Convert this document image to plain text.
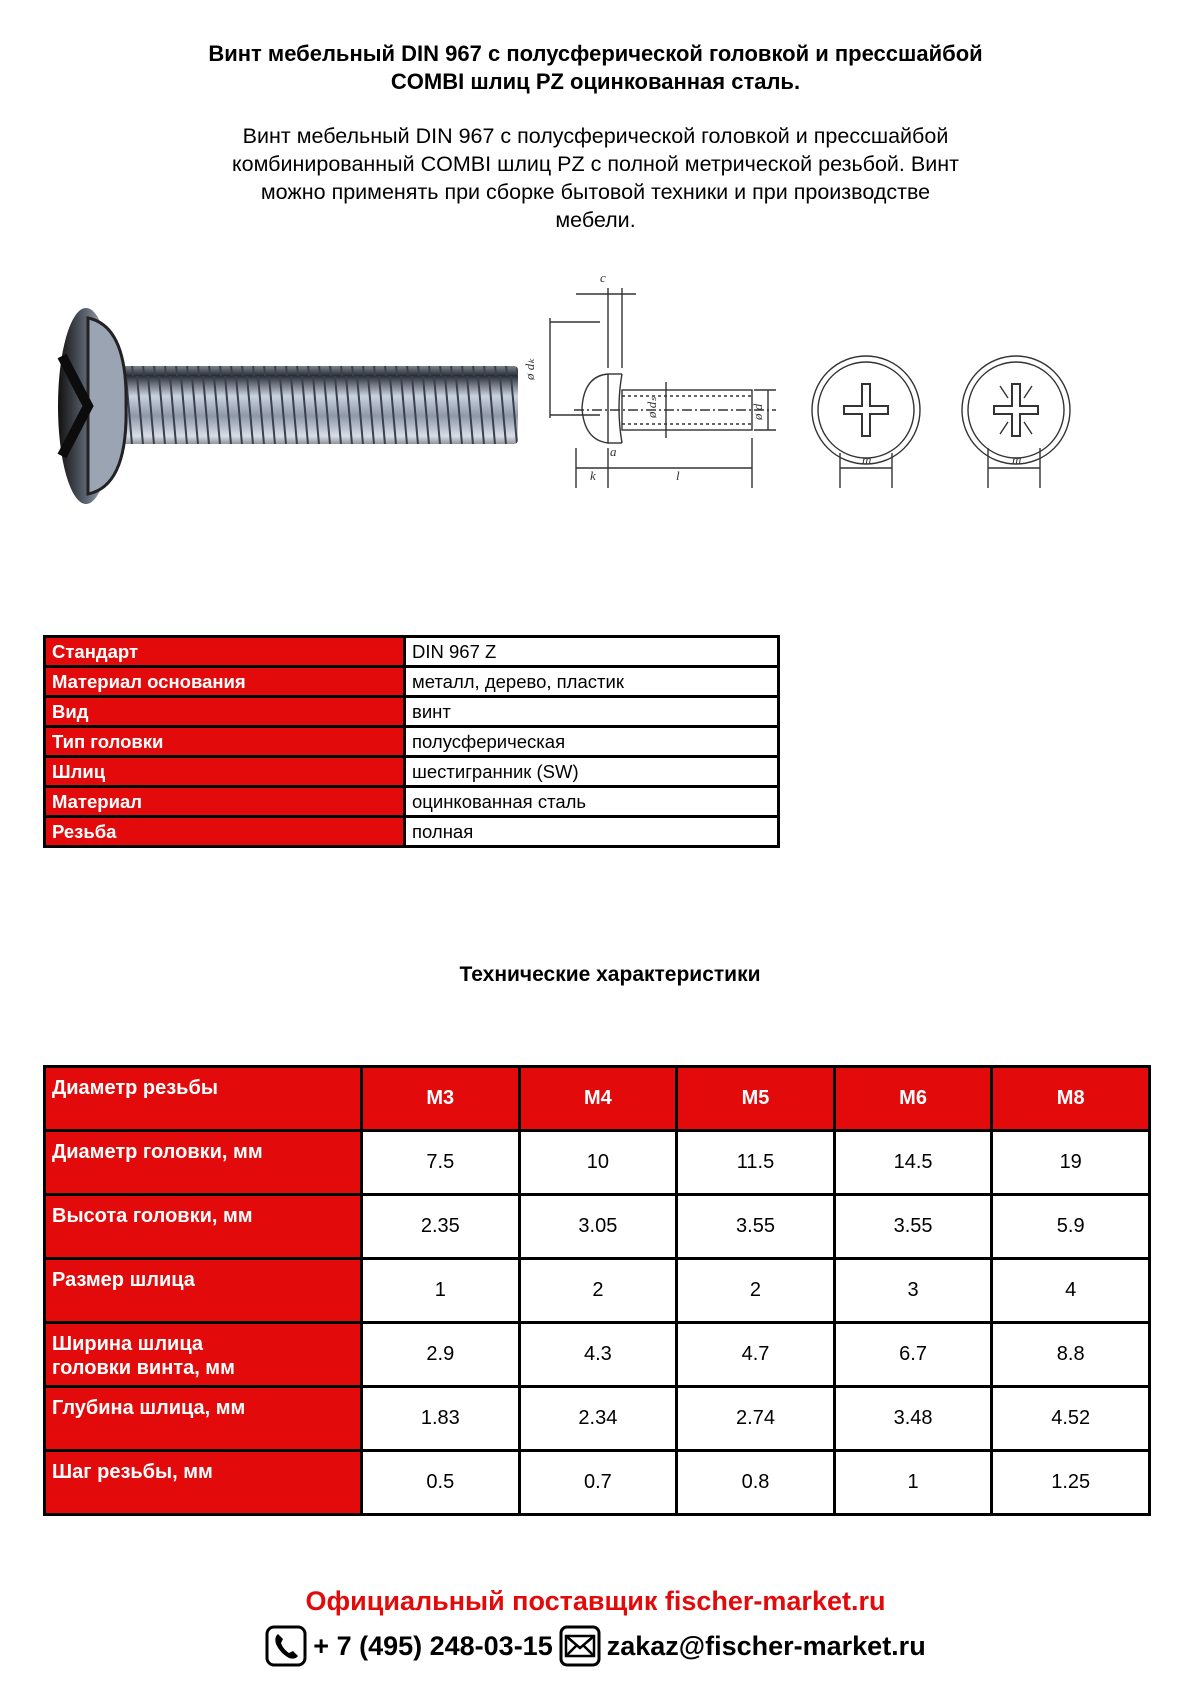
Винт мебельный DIN 967 с полусферической головкой и прессшайбой
COMBI шлиц PZ оцинкованная сталь.
Винт мебельный DIN 967 с полусферической головкой и прессшайбой
комбинированный COMBI шлиц PZ с полной метрической резьбой. Винт
можно применять при сборке бытовой техники и при производстве
мебели.
c
ø dₖ
ø dₛ	ø d
a
k	l
m	m
Стандарт	DIN 967 Z
Материал основания	металл, дерево, пластик
Вид	винт
Тип головки	полусферическая
Шлиц	шестигранник (SW)
Материал	оцинкованная сталь
Резьба	полная
Технические характеристики
Диаметр резьбы	M3	M4	M5	M6	M8

Диаметр головки, мм	7.5	10	11.5	14.5	19

Высота головки, мм	2.35	3.05	3.55	3.55	5.9

Размер шлица	1	2	2	3	4

Ширина шлица
головки винта, мм	2.9	4.3	4.7	6.7	8.8

Глубина шлица, мм	1.83	2.34	2.74	3.48	4.52

Шаг резьбы, мм	0.5	0.7	0.8	1	1.25
Официальный поставщик fischer-market.ru
+ 7 (495) 248-03-15 zakaz@fischer-market.ru
